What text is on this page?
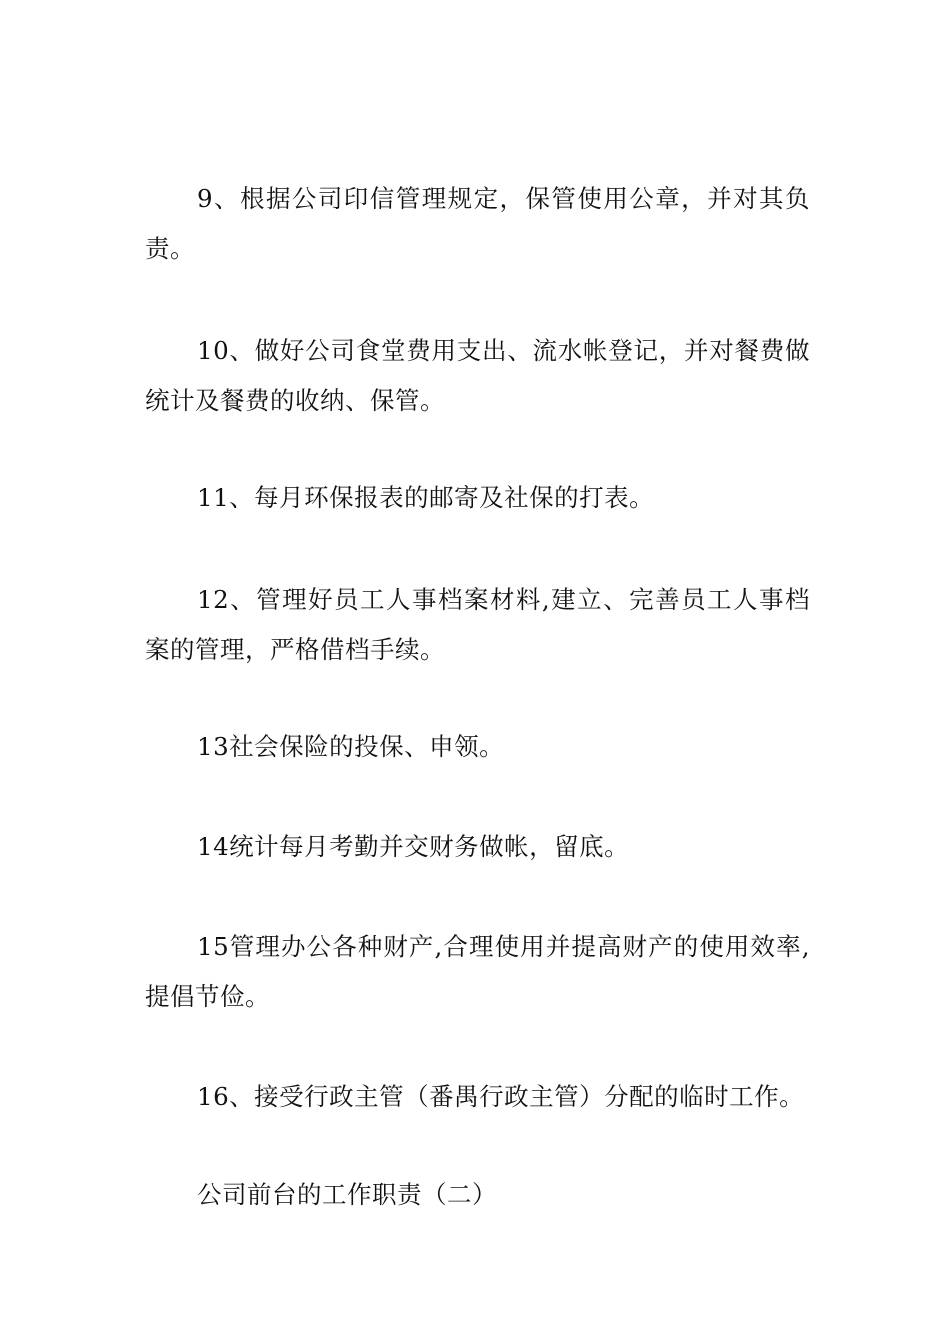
9、根据公司印信管理规定，保管使用公章，并对其负责。

10、做好公司食堂费用支出、流水帐登记，并对餐费做统计及餐费的收纳、保管。

11、每月环保报表的邮寄及社保的打表。

12、管理好员工人事档案材料,建立、完善员工人事档案的管理，严格借档手续。

13社会保险的投保、申领。

14统计每月考勤并交财务做帐，留底。

15管理办公各种财产,合理使用并提高财产的使用效率,提倡节俭。

16、接受行政主管（番禺行政主管）分配的临时工作。

公司前台的工作职责（二）
